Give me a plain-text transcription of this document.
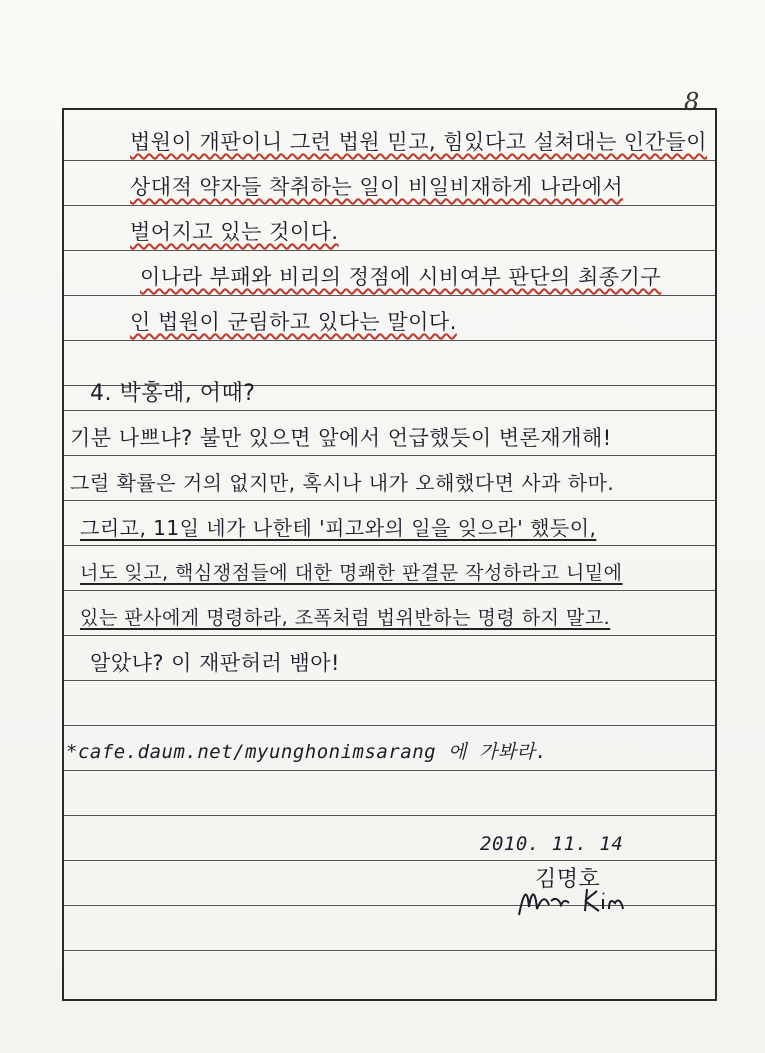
8
법원이 개판이니 그런 법원 믿고, 힘있다고 설쳐대는 인간들이
상대적 약자들 착취하는 일이 비일비재하게 나라에서
벌어지고 있는 것이다.
이나라 부패와 비리의 정점에 시비여부 판단의 최종기구
인 법원이 군림하고 있다는 말이다.
4. 박홍래, 어때?
기분 나쁘냐? 불만 있으면 앞에서 언급했듯이 변론재개해!
그럴 확률은 거의 없지만, 혹시나 내가 오해했다면 사과 하마.
그리고, 11일 네가 나한테 '피고와의 일을 잊으라' 했듯이,
너도 잊고, 핵심쟁점들에 대한 명쾌한 판결문 작성하라고 니밑에
있는 판사에게 명령하라, 조폭처럼 법위반하는 명령 하지 말고.
알았냐? 이 재판허러 뱀아!
*cafe.daum.net/myunghonimsarang 에 가봐라.
2010. 11. 14
김명호
